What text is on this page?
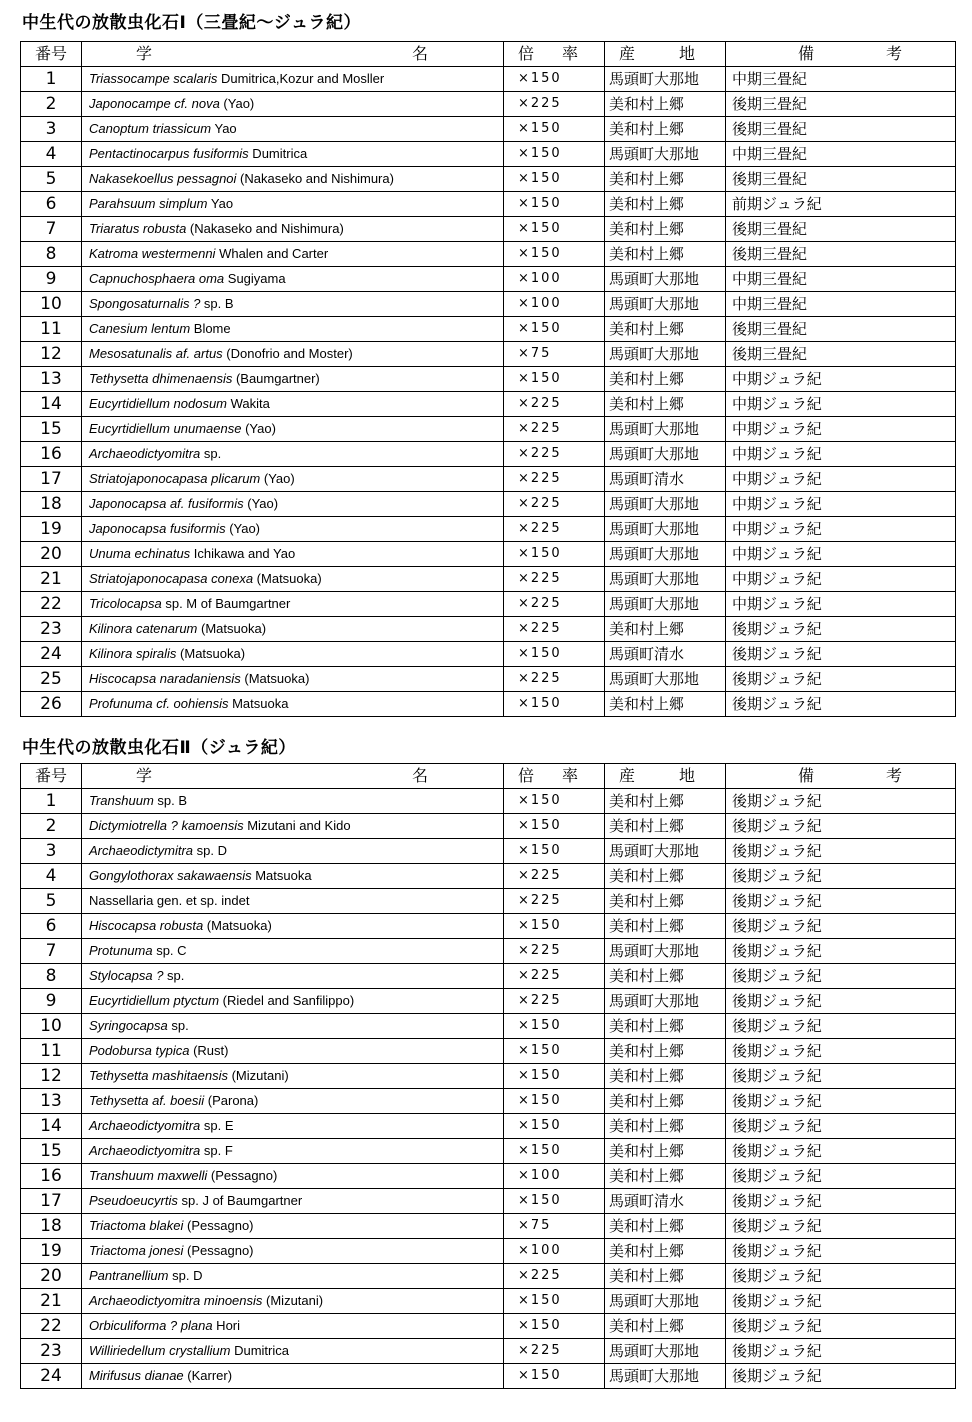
中生代の放散虫化石Ⅰ（三畳紀～ジュラ紀）
番号	学 名	倍 率	産 地	備 考

1	Triassocampe scalaris Dumitrica,Kozur and Mosller	×150	馬頭町大那地	中期三畳紀
2	Japonocampe cf. nova (Yao)	×225	美和村上郷	後期三畳紀
3	Canoptum triassicum Yao	×150	美和村上郷	後期三畳紀
4	Pentactinocarpus fusiformis Dumitrica	×150	馬頭町大那地	中期三畳紀
5	Nakasekoellus pessagnoi (Nakaseko and Nishimura)	×150	美和村上郷	後期三畳紀
6	Parahsuum simplum Yao	×150	美和村上郷	前期ジュラ紀
7	Triaratus robusta (Nakaseko and Nishimura)	×150	美和村上郷	後期三畳紀
8	Katroma westermenni Whalen and Carter	×150	美和村上郷	後期三畳紀
9	Capnuchosphaera oma Sugiyama	×100	馬頭町大那地	中期三畳紀
10	Spongosaturnalis ? sp. B	×100	馬頭町大那地	中期三畳紀
11	Canesium lentum Blome	×150	美和村上郷	後期三畳紀
12	Mesosatunalis af. artus (Donofrio and Moster)	×75	馬頭町大那地	後期三畳紀
13	Tethysetta dhimenaensis (Baumgartner)	×150	美和村上郷	中期ジュラ紀
14	Eucyrtidiellum nodosum Wakita	×225	美和村上郷	中期ジュラ紀
15	Eucyrtidiellum unumaense (Yao)	×225	馬頭町大那地	中期ジュラ紀
16	Archaeodictyomitra sp.	×225	馬頭町大那地	中期ジュラ紀
17	Striatojaponocapasa plicarum (Yao)	×225	馬頭町清水	中期ジュラ紀
18	Japonocapsa af. fusiformis (Yao)	×225	馬頭町大那地	中期ジュラ紀
19	Japonocapsa fusiformis (Yao)	×225	馬頭町大那地	中期ジュラ紀
20	Unuma echinatus Ichikawa and Yao	×150	馬頭町大那地	中期ジュラ紀
21	Striatojaponocapasa conexa (Matsuoka)	×225	馬頭町大那地	中期ジュラ紀
22	Tricolocapsa sp. M of Baumgartner	×225	馬頭町大那地	中期ジュラ紀
23	Kilinora catenarum (Matsuoka)	×225	美和村上郷	後期ジュラ紀
24	Kilinora spiralis (Matsuoka)	×150	馬頭町清水	後期ジュラ紀
25	Hiscocapsa naradaniensis (Matsuoka)	×225	馬頭町大那地	後期ジュラ紀
26	Profunuma cf. oohiensis Matsuoka	×150	美和村上郷	後期ジュラ紀
中生代の放散虫化石Ⅱ（ジュラ紀）
番号	学 名	倍 率	産 地	備 考

1	Transhuum sp. B	×150	美和村上郷	後期ジュラ紀
2	Dictymiotrella ? kamoensis Mizutani and Kido	×150	美和村上郷	後期ジュラ紀
3	Archaeodictymitra sp. D	×150	馬頭町大那地	後期ジュラ紀
4	Gongylothorax sakawaensis Matsuoka	×225	美和村上郷	後期ジュラ紀
5	Nassellaria gen. et sp. indet	×225	美和村上郷	後期ジュラ紀
6	Hiscocapsa robusta (Matsuoka)	×150	美和村上郷	後期ジュラ紀
7	Protunuma sp. C	×225	馬頭町大那地	後期ジュラ紀
8	Stylocapsa ? sp.	×225	美和村上郷	後期ジュラ紀
9	Eucyrtidiellum ptyctum (Riedel and Sanfilippo)	×225	馬頭町大那地	後期ジュラ紀
10	Syringocapsa sp.	×150	美和村上郷	後期ジュラ紀
11	Podobursa typica (Rust)	×150	美和村上郷	後期ジュラ紀
12	Tethysetta mashitaensis (Mizutani)	×150	美和村上郷	後期ジュラ紀
13	Tethysetta af. boesii (Parona)	×150	美和村上郷	後期ジュラ紀
14	Archaeodictyomitra sp. E	×150	美和村上郷	後期ジュラ紀
15	Archaeodictyomitra sp. F	×150	美和村上郷	後期ジュラ紀
16	Transhuum maxwelli (Pessagno)	×100	美和村上郷	後期ジュラ紀
17	Pseudoeucyrtis sp. J of Baumgartner	×150	馬頭町清水	後期ジュラ紀
18	Triactoma blakei (Pessagno)	×75	美和村上郷	後期ジュラ紀
19	Triactoma jonesi (Pessagno)	×100	美和村上郷	後期ジュラ紀
20	Pantranellium sp. D	×225	美和村上郷	後期ジュラ紀
21	Archaeodictyomitra minoensis (Mizutani)	×150	馬頭町大那地	後期ジュラ紀
22	Orbiculiforma ? plana Hori	×150	美和村上郷	後期ジュラ紀
23	Williriedellum crystallium Dumitrica	×225	馬頭町大那地	後期ジュラ紀
24	Mirifusus dianae (Karrer)	×150	馬頭町大那地	後期ジュラ紀
